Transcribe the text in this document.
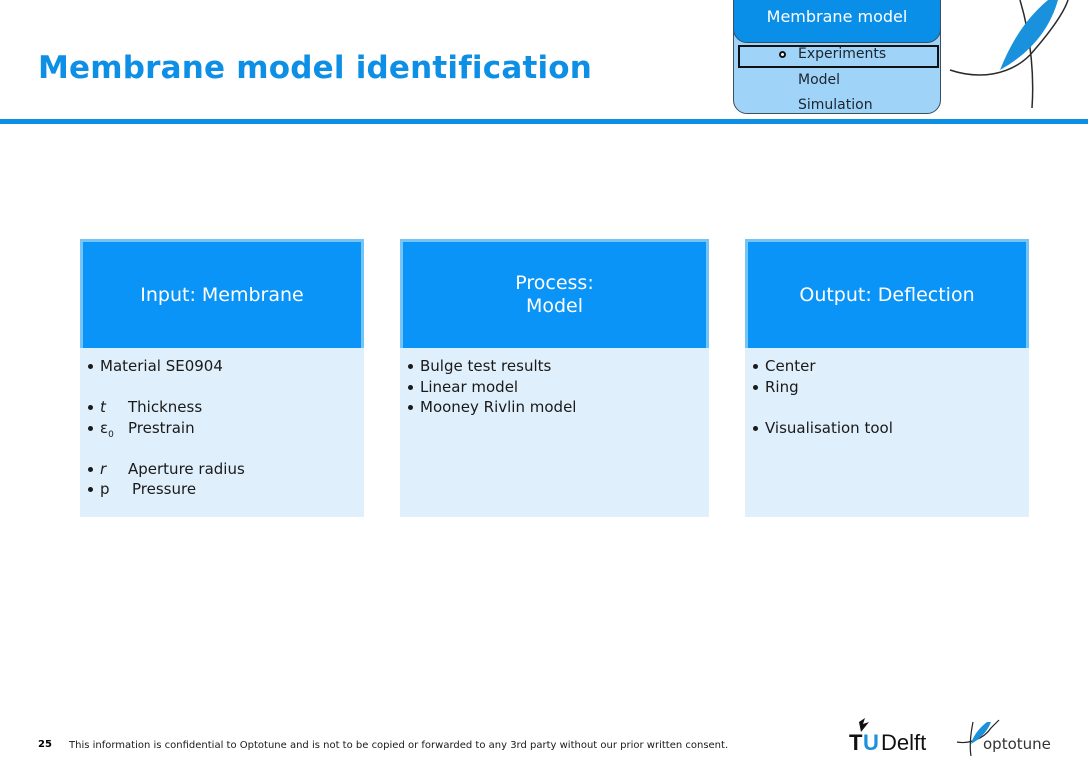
Membrane model identification
Membrane model
Experiments
Model
Simulation
Input: Membrane
Material SE0904
t Thickness
$\varepsilon_0$ Prestrain
r Aperture radius
p Pressure
Process:
Model
Bulge test results
Linear model
Mooney Rivlin model
Output: Deflection
Center
Ring
Visualisation tool
25 This information is confidential to Optotune and is not to be copied or forwarded to any 3rd party without our prior written consent.	T U Delft	optotune
